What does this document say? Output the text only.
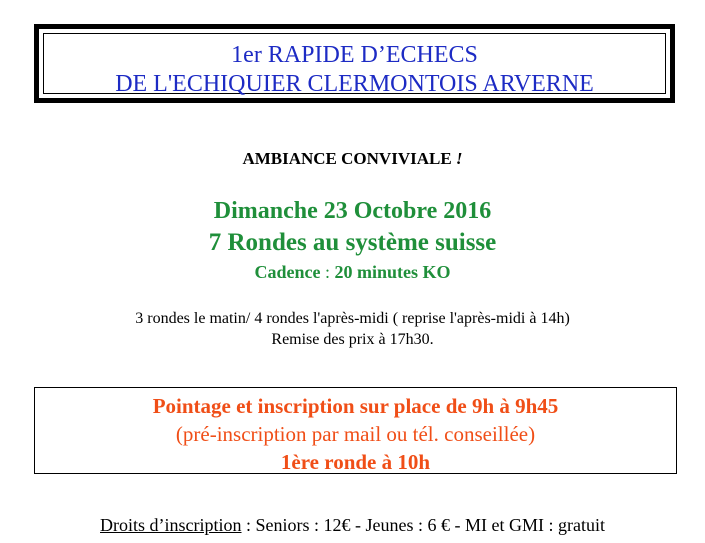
1er RAPIDE D’ECHECS
DE L'ECHIQUIER CLERMONTOIS ARVERNE
AMBIANCE CONVIVIALE !
Dimanche 23 Octobre 2016
7 Rondes au système suisse
Cadence : 20 minutes KO
3 rondes le matin/ 4 rondes l'après-midi ( reprise l'après-midi à 14h)
Remise des prix à 17h30.
Pointage et inscription sur place de 9h à 9h45
(pré-inscription par mail ou tél. conseillée)
1ère ronde à 10h
Droits d’inscription : Seniors : 12€ - Jeunes : 6 € - MI et GMI : gratuit
